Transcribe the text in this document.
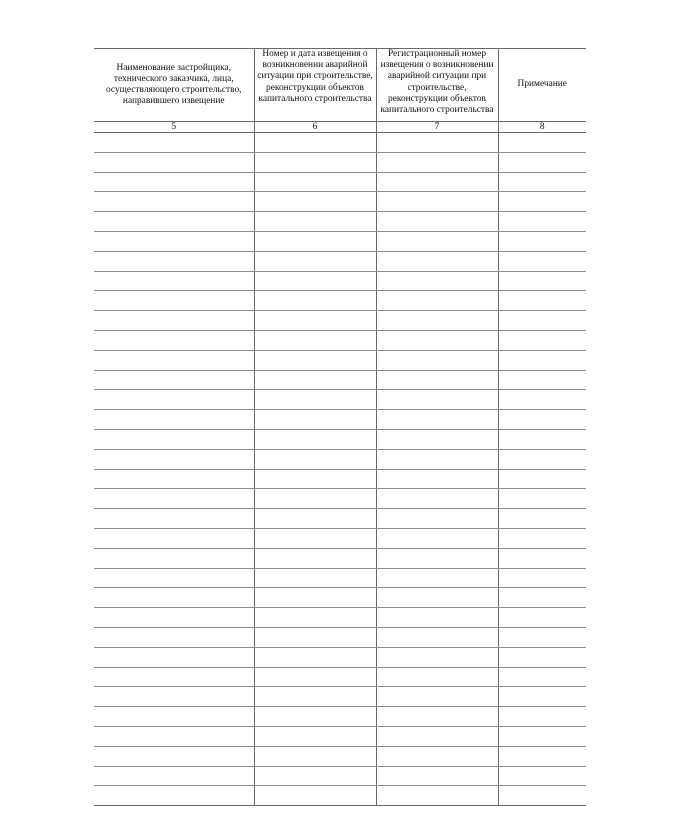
Наименование застройщика, технического заказчика, лица, осуществляющего строительство, направившего извещение	Номер и дата извещения о возникновении аварийной ситуации при строительстве, реконструкции объектов капитального строительства	Регистрационный номер извещения о возникновении аварийной ситуации при строительстве, реконструкции объектов капитального строительства	Примечание

5	6	7	8
